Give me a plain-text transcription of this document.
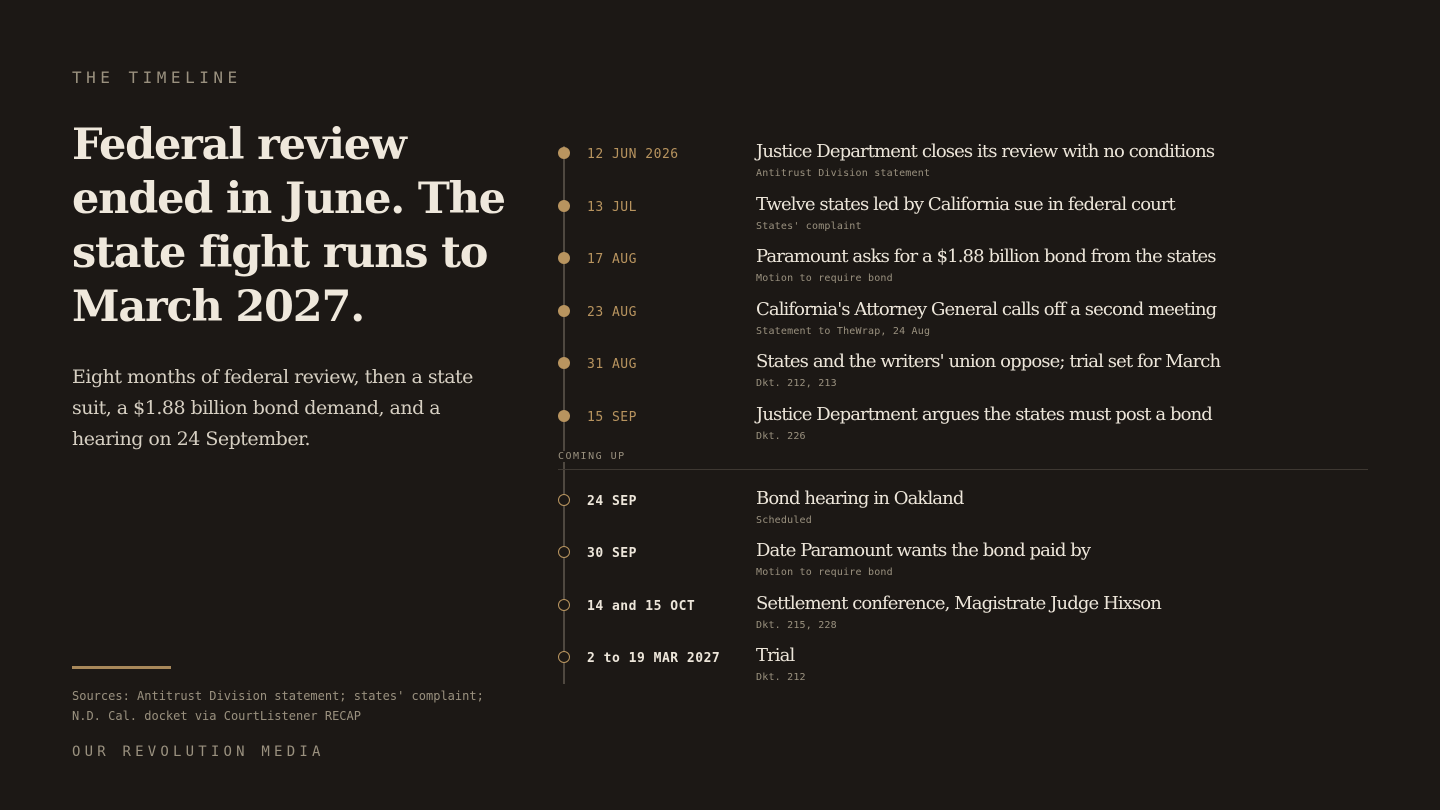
THE TIMELINE
Federal review ended in June. The state fight runs to March 2027.

Eight months of federal review, then a state suit, a $1.88 billion bond demand, and a hearing on 24 September.

Sources: Antitrust Division statement; states' complaint; N.D. Cal. docket via CourtListener RECAP

OUR REVOLUTION MEDIA
12 JUN 2026	Justice Department closes its review with no conditions
Antitrust Division statement
13 JUL	Twelve states led by California sue in federal court
States' complaint
17 AUG	Paramount asks for a $1.88 billion bond from the states
Motion to require bond
23 AUG	California's Attorney General calls off a second meeting
Statement to TheWrap, 24 Aug
31 AUG	States and the writers' union oppose; trial set for March
Dkt. 212, 213
15 SEP	Justice Department argues the states must post a bond
Dkt. 226
COMING UP
24 SEP	Bond hearing in Oakland
Scheduled
30 SEP	Date Paramount wants the bond paid by
Motion to require bond
14 and 15 OCT	Settlement conference, Magistrate Judge Hixson
Dkt. 215, 228
2 to 19 MAR 2027 Trial
Dkt. 212
